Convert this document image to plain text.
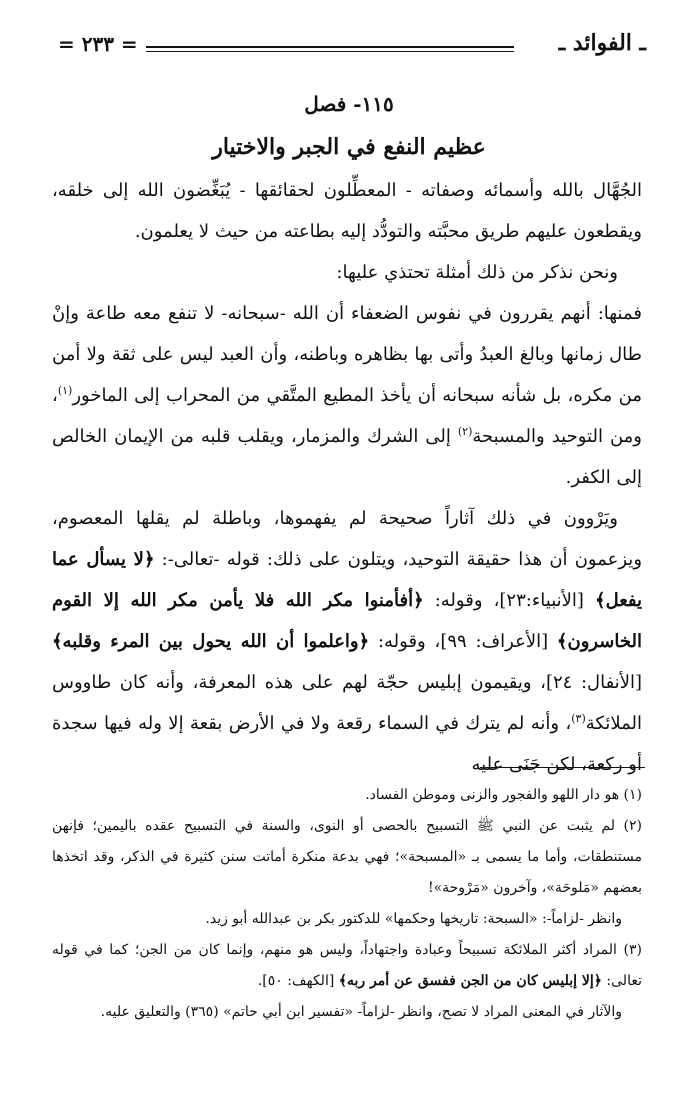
= ٢٣٣ =	ـ الفوائد ـ
١١٥- فصل
عظيم النفع في الجبر والاختيار

الجُهَّال بالله وأسمائه وصفاته - المعطِّلون لحقائقها - يُبَغِّضون الله إلى خلقه، ويقطعون عليهم طريق محبَّته والتودُّد إليه بطاعته من حيث لا يعلمون.

ونحن نذكر من ذلك أمثلة تحتذي عليها:

فمنها: أنهم يقررون في نفوس الضعفاء أن الله -سبحانه- لا تنفع معه طاعة وإنْ طال زمانها وبالغ العبدُ وأتى بها بظاهره وباطنه، وأن العبد ليس على ثقة ولا أمن من مكره، بل شأنه سبحانه أن يأخذ المطيع المتَّقي من المحراب إلى الماخور$^{(١)}$، ومن التوحيد والمسبحة$^{(٢)}$ إلى الشرك والمزمار، ويقلب قلبه من الإيمان الخالص إلى الكفر.

ويَرْوون في ذلك آثاراً صحيحة لم يفهموها، وباطلة لم يقلها المعصوم، ويزعمون أن هذا حقيقة التوحيد، ويتلون على ذلك: قوله -تعالى-: ﴿لا يسأل عما يفعل﴾ [الأنبياء:٢٣]، وقوله: ﴿أفأمنوا مكر الله فلا يأمن مكر الله إلا القوم الخاسرون﴾ [الأعراف: ٩٩]، وقوله: ﴿واعلموا أن الله يحول بين المرء وقلبه﴾ [الأنفال: ٢٤]، ويقيمون إبليس حجّة لهم على هذه المعرفة، وأنه كان طاووس الملائكة$^{(٣)}$، وأنه لم يترك في السماء رقعة ولا في الأرض بقعة إلا وله فيها سجدة أو ركعة، لكن جَنَى عليه

(١) هو دار اللهو والفجور والزنى وموطن الفساد.

(٢) لم يثبت عن النبي ﷺ التسبيح بالحصى أو النوى، والسنة في التسبيح عقده باليمين؛ فإنهن مستنطقات، وأما ما يسمى بـ «المسبحة»؛ فهي بدعة منكرة أماتت سنن كثيرة في الذكر، وقد اتخذها بعضهم «مَلوحَة»، وآخرون «مَرْوحة»!

وانظر -لزاماً-: «السبحة: تاريخها وحكمها» للدكتور بكر بن عبدالله أبو زيد.

(٣) المراد أكثر الملائكة تسبيحاً وعبادة واجتهاداً، وليس هو منهم، وإنما كان من الجن؛ كما في قوله تعالى: ﴿إلا إبليس كان من الجن ففسق عن أمر ربه﴾ [الكهف: ٥٠].

والآثار في المعنى المراد لا تصح، وانظر -لزاماً- «تفسير ابن أبي حاتم» (٣٦٥) والتعليق عليه.
